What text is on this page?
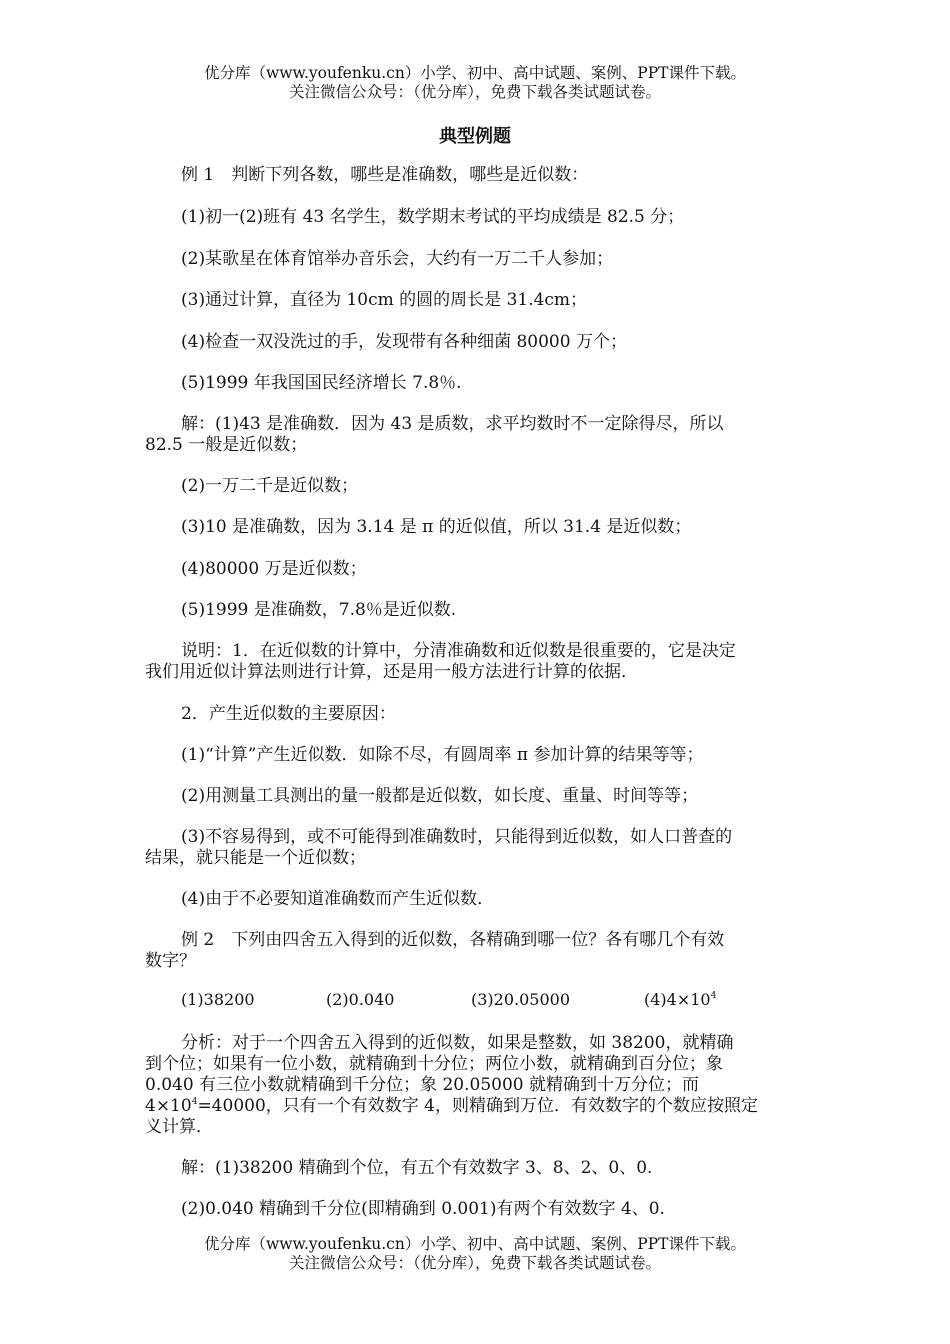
优分库（www.youfenku.cn）小学、初中、高中试题、案例、PPT课件下载。
关注微信公众号：（优分库），免费下载各类试题试卷。
典型例题
例 1　判断下列各数，哪些是准确数，哪些是近似数：
(1)初一(2)班有 43 名学生，数学期末考试的平均成绩是 82.5 分；
(2)某歌星在体育馆举办音乐会，大约有一万二千人参加；
(3)通过计算，直径为 10cm 的圆的周长是 31.4cm；
(4)检查一双没洗过的手，发现带有各种细菌 80000 万个；
(5)1999 年我国国民经济增长 7.8％.
解：(1)43 是准确数．因为 43 是质数，求平均数时不一定除得尽，所以
82.5 一般是近似数；
(2)一万二千是近似数；
(3)10 是准确数，因为 3.14 是 π 的近似值，所以 31.4 是近似数；
(4)80000 万是近似数；
(5)1999 是准确数，7.8％是近似数.
说明：1．在近似数的计算中，分清准确数和近似数是很重要的，它是决定
我们用近似计算法则进行计算，还是用一般方法进行计算的依据．
2．产生近似数的主要原因：
(1)“计算”产生近似数．如除不尽，有圆周率 π 参加计算的结果等等；
(2)用测量工具测出的量一般都是近似数，如长度、重量、时间等等；
(3)不容易得到，或不可能得到准确数时，只能得到近似数，如人口普查的
结果，就只能是一个近似数；
(4)由于不必要知道准确数而产生近似数．
例 2　下列由四舍五入得到的近似数，各精确到哪一位？各有哪几个有效
数字？
(1)38200	(2)0.040	(3)20.05000	$(4)4\times 10^4$
分析：对于一个四舍五入得到的近似数，如果是整数，如 38200，就精确
到个位；如果有一位小数，就精确到十分位；两位小数，就精确到百分位；象
0.040 有三位小数就精确到千分位；象 20.05000 就精确到十万分位；而
$4\times 10^4=40000$，只有一个有效数字 4，则精确到万位．有效数字的个数应按照定
义计算．
解：(1)38200 精确到个位，有五个有效数字 3、8、2、0、0.
(2)0.040 精确到千分位(即精确到 0.001)有两个有效数字 4、0.
优分库（www.youfenku.cn）小学、初中、高中试题、案例、PPT课件下载。
关注微信公众号：（优分库），免费下载各类试题试卷。
